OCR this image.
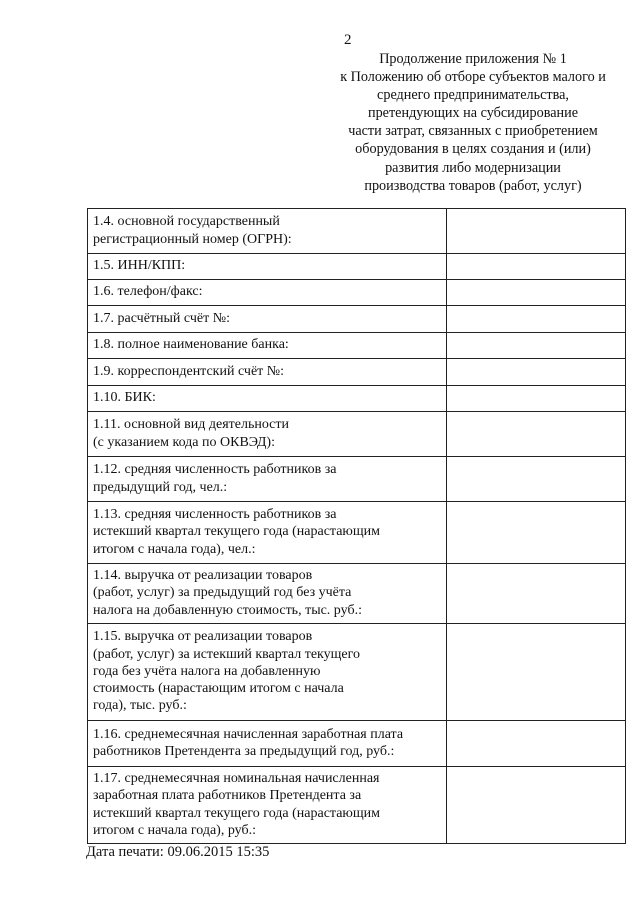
2
Продолжение приложения № 1
к Положению об отборе субъектов малого и
среднего предпринимательства,
претендующих на субсидирование
части затрат, связанных с приобретением
оборудования в целях создания и (или)
развития либо модернизации
производства товаров (работ, услуг)
1.4. основной государственный
регистрационный номер (ОГРН):	
1.5. ИНН/КПП:	
1.6. телефон/факс:	
1.7. расчётный счёт №:	
1.8. полное наименование банка:	
1.9. корреспондентский счёт №:	
1.10. БИК:	
1.11. основной вид деятельности
(с указанием кода по ОКВЭД):	
1.12. средняя численность работников за
предыдущий год, чел.:	
1.13. средняя численность работников за
истекший квартал текущего года (нарастающим
итогом с начала года), чел.:	
1.14. выручка от реализации товаров
(работ, услуг) за предыдущий год без учёта
налога на добавленную стоимость, тыс. руб.:	
1.15. выручка от реализации товаров
(работ, услуг) за истекший квартал текущего
года без учёта налога на добавленную
стоимость (нарастающим итогом с начала
года), тыс. руб.:	
1.16. среднемесячная начисленная заработная плата
работников Претендента за предыдущий год, руб.:	
1.17. среднемесячная номинальная начисленная
заработная плата работников Претендента за
истекший квартал текущего года (нарастающим
итогом с начала года), руб.:	
Дата печати: 09.06.2015 15:35
